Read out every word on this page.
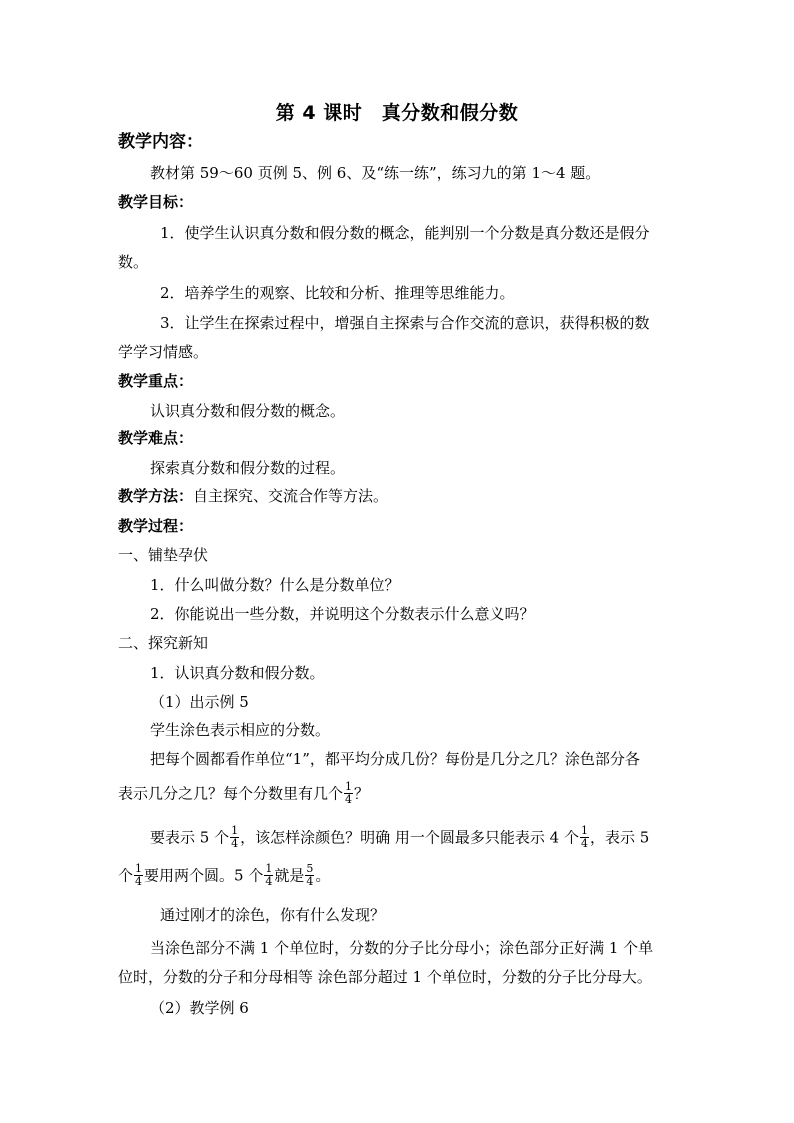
第 4 课时　真分数和假分数
教学内容：
教材第 59～60 页例 5、例 6、及“练一练”，练习九的第 1～4 题。
教学目标：
1．使学生认识真分数和假分数的概念，能判别一个分数是真分数还是假分
数。
2．培养学生的观察、比较和分析、推理等思维能力。
3．让学生在探索过程中，增强自主探索与合作交流的意识，获得积极的数
学学习情感。
教学重点：
认识真分数和假分数的概念。
教学难点：
探索真分数和假分数的过程。
教学方法：自主探究、交流合作等方法。
教学过程：
一、铺垫孕伏
1．什么叫做分数？什么是分数单位？
2．你能说出一些分数，并说明这个分数表示什么意义吗？
二、探究新知
1．认识真分数和假分数。
（1）出示例 5
学生涂色表示相应的分数。
把每个圆都看作单位“1”，都平均分成几份？每份是几分之几？涂色部分各
表示几分之几？每个分数里有几个 $\frac{1}{4}$ ？
要表示 5 个 $\frac{1}{4}$ ，该怎样涂颜色？明确 用一个圆最多只能表示 4 个 $\frac{1}{4}$ ，表示 5
个 $\frac{1}{4}$ 要用两个圆。5 个 $\frac{1}{4}$ 就是 $\frac{5}{4}$ 。
通过刚才的涂色，你有什么发现？
当涂色部分不满 1 个单位时，分数的分子比分母小；涂色部分正好满 1 个单
位时，分数的分子和分母相等 涂色部分超过 1 个单位时，分数的分子比分母大。
（2）教学例 6
